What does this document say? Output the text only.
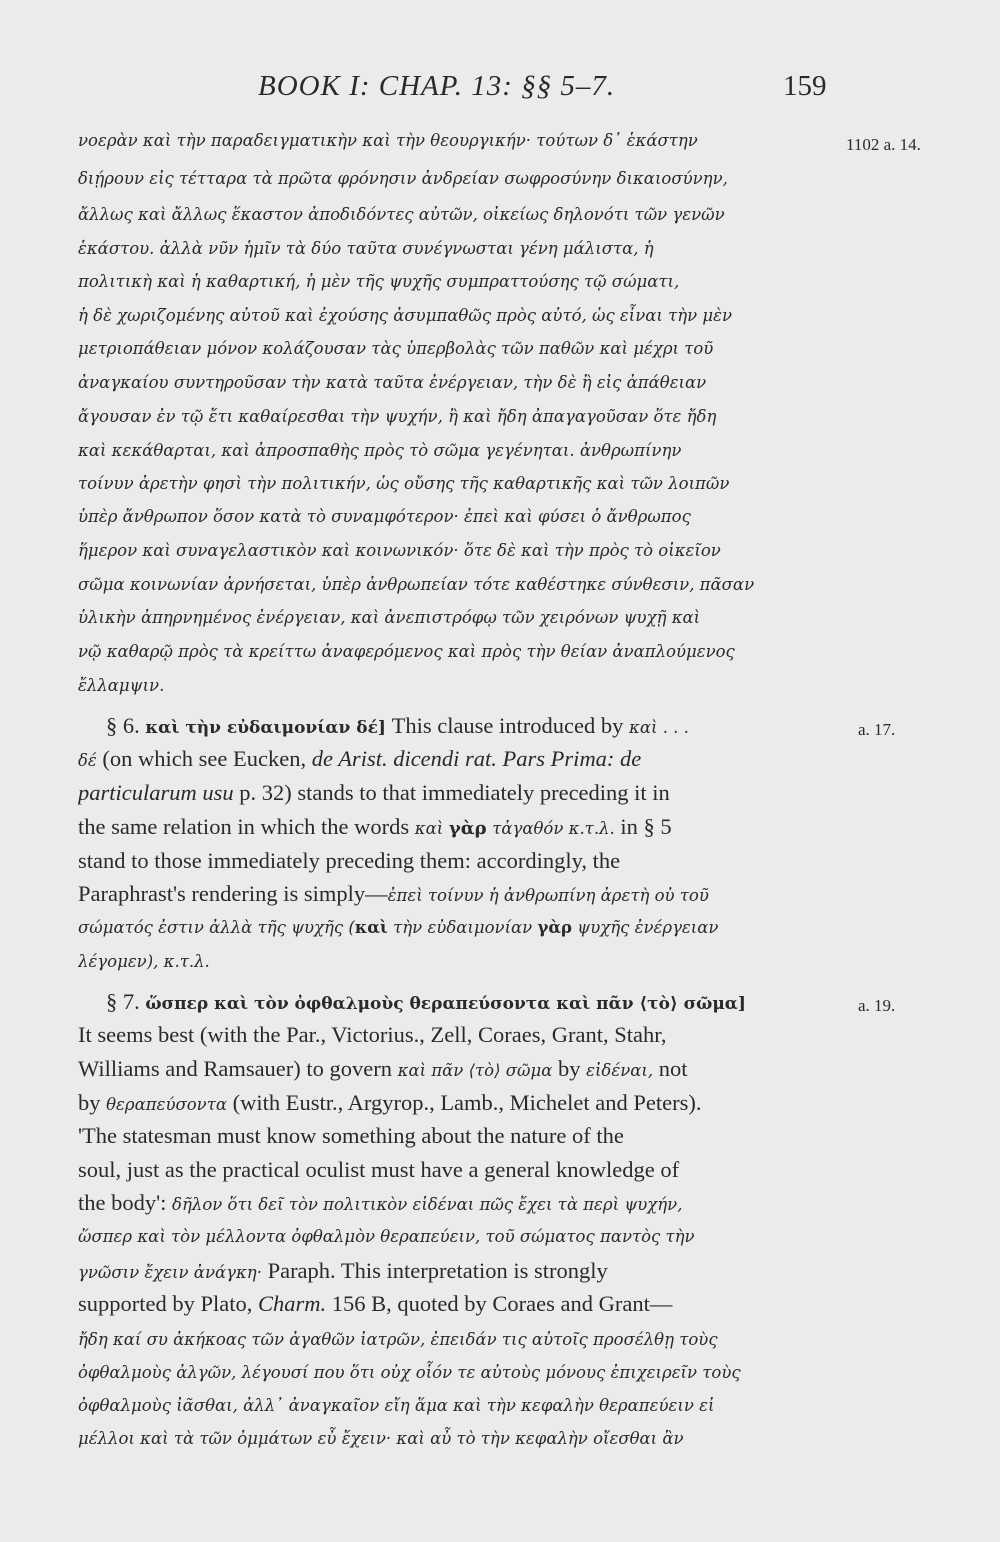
BOOK I: CHAP. 13: §§ 5–7.	159
νοερὰν καὶ τὴν παραδειγματικὴν καὶ τὴν θεουργικήν· τούτων δ᾿ ἑκάστην
διῄρουν εἰς τέτταρα τὰ πρῶτα φρόνησιν ἀνδρείαν σωφροσύνην δικαιοσύνην,
ἄλλως καὶ ἄλλως ἕκαστον ἀποδιδόντες αὐτῶν, οἰκείως δηλονότι τῶν γενῶν
ἑκάστου. ἀλλὰ νῦν ἡμῖν τὰ δύο ταῦτα συνέγνωσται γένη μάλιστα, ἡ
πολιτικὴ καὶ ἡ καθαρτική, ἡ μὲν τῆς ψυχῆς συμπραττούσης τῷ σώματι,
ἡ δὲ χωριζομένης αὐτοῦ καὶ ἐχούσης ἀσυμπαθῶς πρὸς αὐτό, ὡς εἶναι τὴν μὲν
μετριοπάθειαν μόνον κολάζουσαν τὰς ὑπερβολὰς τῶν παθῶν καὶ μέχρι τοῦ
ἀναγκαίου συντηροῦσαν τὴν κατὰ ταῦτα ἐνέργειαν, τὴν δὲ ἢ εἰς ἀπάθειαν
ἄγουσαν ἐν τῷ ἔτι καθαίρεσθαι τὴν ψυχήν, ἢ καὶ ἤδη ἀπαγαγοῦσαν ὅτε ἤδη
καὶ κεκάθαρται, καὶ ἀπροσπαθὴς πρὸς τὸ σῶμα γεγένηται. ἀνθρωπίνην
τοίνυν ἀρετὴν φησὶ τὴν πολιτικήν, ὡς οὔσης τῆς καθαρτικῆς καὶ τῶν λοιπῶν
ὑπὲρ ἄνθρωπον ὅσον κατὰ τὸ συναμφότερον· ἐπεὶ καὶ φύσει ὁ ἄνθρωπος
ἥμερον καὶ συναγελαστικὸν καὶ κοινωνικόν· ὅτε δὲ καὶ τὴν πρὸς τὸ οἰκεῖον
σῶμα κοινωνίαν ἀρνήσεται, ὑπὲρ ἀνθρωπείαν τότε καθέστηκε σύνθεσιν, πᾶσαν
ὑλικὴν ἀπηρνημένος ἐνέργειαν, καὶ ἀνεπιστρόφῳ τῶν χειρόνων ψυχῇ καὶ
νῷ καθαρῷ πρὸς τὰ κρείττω ἀναφερόμενος καὶ πρὸς τὴν θείαν ἀναπλούμενος
ἔλλαμψιν.
1102 a. 14.
§ 6. καὶ τὴν εὐδαιμονίαν δέ] This clause introduced by καὶ . . .	a. 17.
δέ (on which see Eucken, de Arist. dicendi rat. Pars Prima: de
particularum usu p. 32) stands to that immediately preceding it in
the same relation in which the words καὶ γὰρ τἀγαθόν κ.τ.λ. in § 5
stand to those immediately preceding them: accordingly, the
Paraphrast's rendering is simply—ἐπεὶ τοίνυν ἡ ἀνθρωπίνη ἀρετὴ οὐ τοῦ
σώματός ἐστιν ἀλλὰ τῆς ψυχῆς (καὶ τὴν εὐδαιμονίαν γὰρ ψυχῆς ἐνέργειαν
λέγομεν), κ.τ.λ.
§ 7. ὥσπερ καὶ τὸν ὀφθαλμοὺς θεραπεύσοντα καὶ πᾶν ⟨τὸ⟩ σῶμα]	a. 19.
It seems best (with the Par., Victorius., Zell, Coraes, Grant, Stahr,
Williams and Ramsauer) to govern καὶ πᾶν ⟨τὸ⟩ σῶμα by εἰδέναι, not
by θεραπεύσοντα (with Eustr., Argyrop., Lamb., Michelet and Peters).
'The statesman must know something about the nature of the
soul, just as the practical oculist must have a general knowledge of
the body': δῆλον ὅτι δεῖ τὸν πολιτικὸν εἰδέναι πῶς ἔχει τὰ περὶ ψυχήν,
ὥσπερ καὶ τὸν μέλλοντα ὀφθαλμὸν θεραπεύειν, τοῦ σώματος παντὸς τὴν
γνῶσιν ἔχειν ἀνάγκη· Paraph. This interpretation is strongly
supported by Plato, Charm. 156 B, quoted by Coraes and Grant—
ἤδη καί συ ἀκήκοας τῶν ἀγαθῶν ἰατρῶν, ἐπειδάν τις αὐτοῖς προσέλθῃ τοὺς
ὀφθαλμοὺς ἀλγῶν, λέγουσί που ὅτι οὐχ οἷόν τε αὐτοὺς μόνους ἐπιχειρεῖν τοὺς
ὀφθαλμοὺς ἰᾶσθαι, ἀλλ᾿ ἀναγκαῖον εἴη ἅμα καὶ τὴν κεφαλὴν θεραπεύειν εἰ
μέλλοι καὶ τὰ τῶν ὀμμάτων εὖ ἔχειν· καὶ αὖ τὸ τὴν κεφαλὴν οἴεσθαι ἂν
